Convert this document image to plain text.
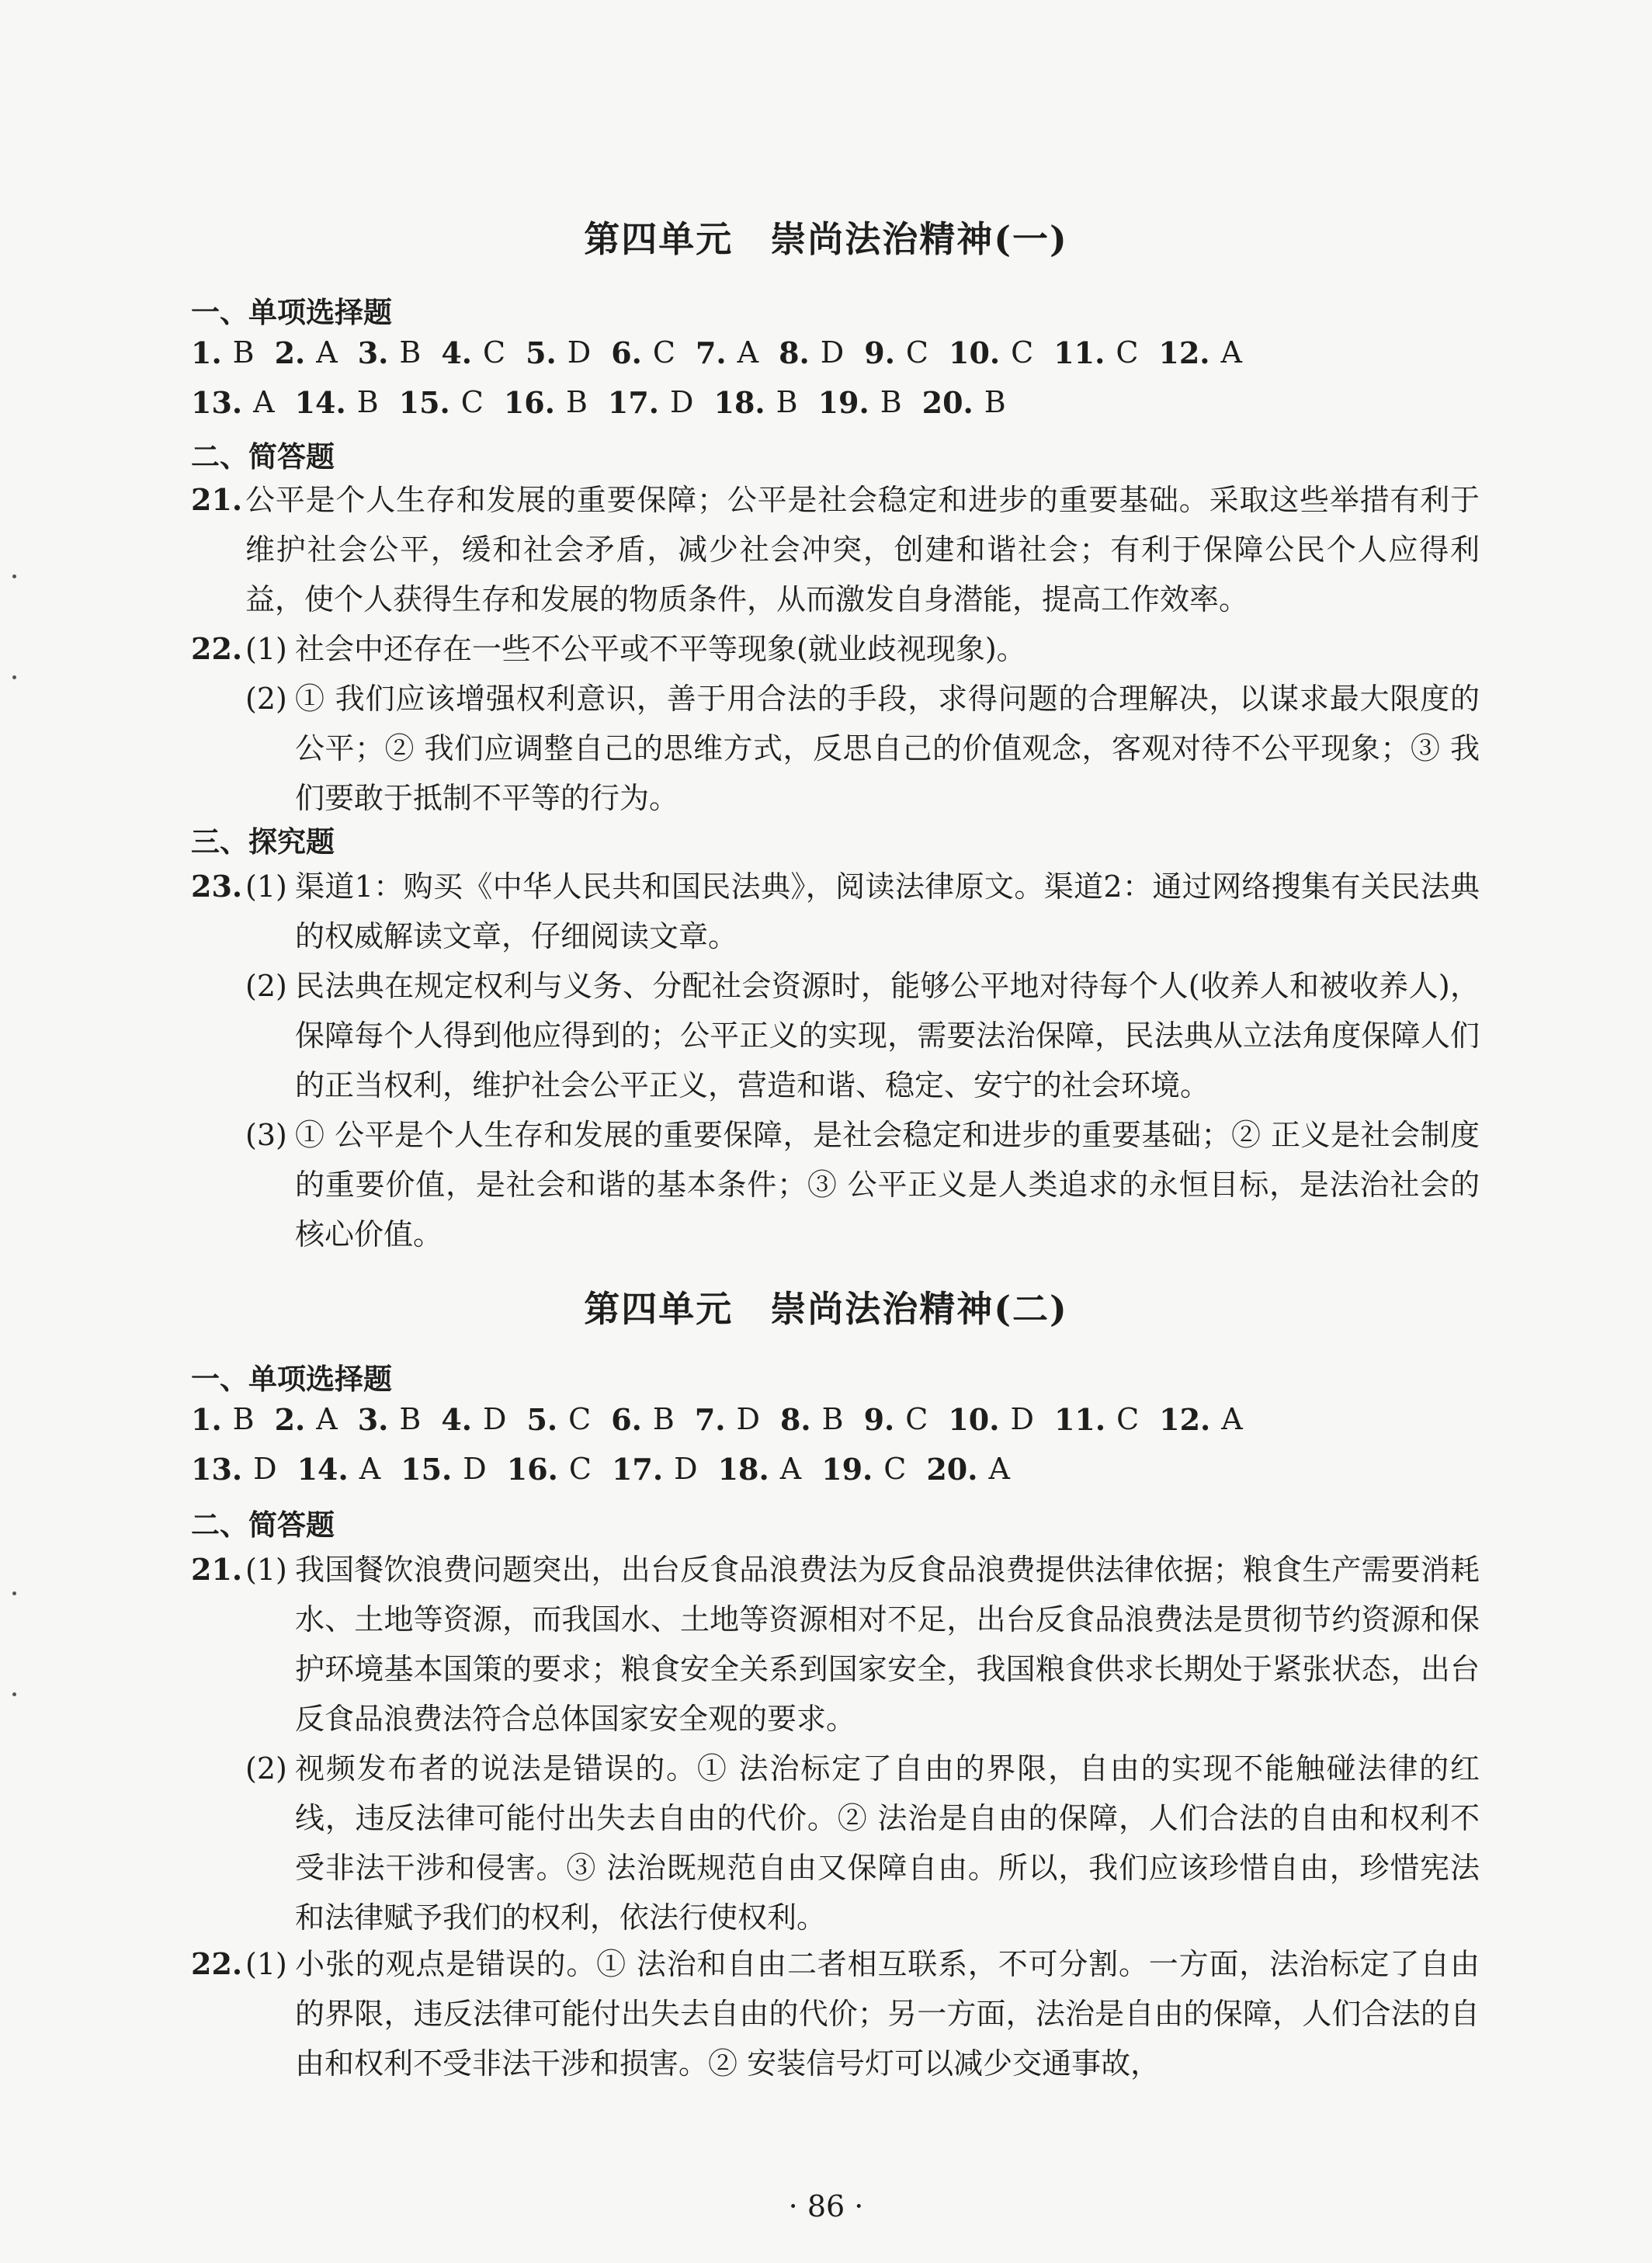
第四单元　崇尚法治精神(一)
一、单项选择题
1. B 2. A 3. B 4. C 5. D 6. C 7. A 8. D 9. C 10. C 11. C 12. A
13. A 14. B 15. C 16. B 17. D 18. B 19. B 20. B
二、简答题
21. 公平是个人生存和发展的重要保障；公平是社会稳定和进步的重要基础。采取这些举措有利于维护社会公平，缓和社会矛盾，减少社会冲突，创建和谐社会；有利于保障公民个人应得利益，使个人获得生存和发展的物质条件，从而激发自身潜能，提高工作效率。
22. (1) 社会中还存在一些不公平或不平等现象(就业歧视现象)。
(2) ① 我们应该增强权利意识，善于用合法的手段，求得问题的合理解决，以谋求最大限度的公平；② 我们应调整自己的思维方式，反思自己的价值观念，客观对待不公平现象；③ 我们要敢于抵制不平等的行为。
三、探究题
23. (1) 渠道1：购买《中华人民共和国民法典》，阅读法律原文。渠道2：通过网络搜集有关民法典的权威解读文章，仔细阅读文章。
(2) 民法典在规定权利与义务、分配社会资源时，能够公平地对待每个人(收养人和被收养人)，保障每个人得到他应得到的；公平正义的实现，需要法治保障，民法典从立法角度保障人们的正当权利，维护社会公平正义，营造和谐、稳定、安宁的社会环境。
(3) ① 公平是个人生存和发展的重要保障，是社会稳定和进步的重要基础；② 正义是社会制度的重要价值，是社会和谐的基本条件；③ 公平正义是人类追求的永恒目标，是法治社会的核心价值。
第四单元　崇尚法治精神(二)
一、单项选择题
1. B 2. A 3. B 4. D 5. C 6. B 7. D 8. B 9. C 10. D 11. C 12. A
13. D 14. A 15. D 16. C 17. D 18. A 19. C 20. A
二、简答题
21. (1) 我国餐饮浪费问题突出，出台反食品浪费法为反食品浪费提供法律依据；粮食生产需要消耗水、土地等资源，而我国水、土地等资源相对不足，出台反食品浪费法是贯彻节约资源和保护环境基本国策的要求；粮食安全关系到国家安全，我国粮食供求长期处于紧张状态，出台反食品浪费法符合总体国家安全观的要求。
(2) 视频发布者的说法是错误的。① 法治标定了自由的界限，自由的实现不能触碰法律的红线，违反法律可能付出失去自由的代价。② 法治是自由的保障，人们合法的自由和权利不受非法干涉和侵害。③ 法治既规范自由又保障自由。所以，我们应该珍惜自由，珍惜宪法和法律赋予我们的权利，依法行使权利。
22. (1) 小张的观点是错误的。① 法治和自由二者相互联系，不可分割。一方面，法治标定了自由的界限，违反法律可能付出失去自由的代价；另一方面，法治是自由的保障，人们合法的自由和权利不受非法干涉和损害。② 安装信号灯可以减少交通事故，
· 86 ·
